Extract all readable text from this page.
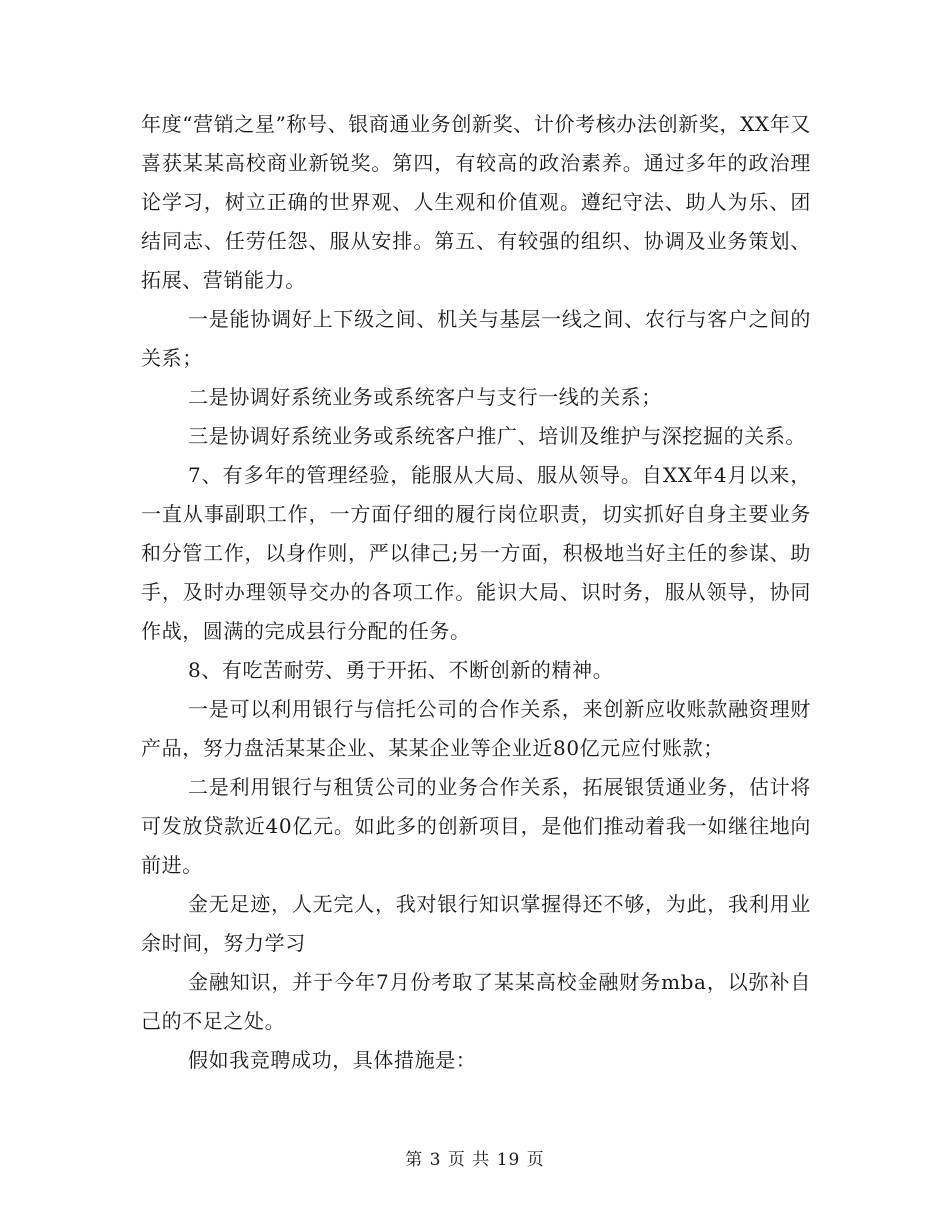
年度“营销之星”称号、银商通业务创新奖、计价考核办法创新奖，XX年又喜获某某高校商业新锐奖。第四，有较高的政治素养。通过多年的政治理论学习，树立正确的世界观、人生观和价值观。遵纪守法、助人为乐、团结同志、任劳任怨、服从安排。第五、有较强的组织、协调及业务策划、拓展、营销能力。

一是能协调好上下级之间、机关与基层一线之间、农行与客户之间的关系；

二是协调好系统业务或系统客户与支行一线的关系；

三是协调好系统业务或系统客户推广、培训及维护与深挖掘的关系。

7、有多年的管理经验，能服从大局、服从领导。自XX年4月以来，一直从事副职工作，一方面仔细的履行岗位职责，切实抓好自身主要业务和分管工作，以身作则，严以律己;另一方面，积极地当好主任的参谋、助手，及时办理领导交办的各项工作。能识大局、识时务，服从领导，协同作战，圆满的完成县行分配的任务。

8、有吃苦耐劳、勇于开拓、不断创新的精神。

一是可以利用银行与信托公司的合作关系，来创新应收账款融资理财产品，努力盘活某某企业、某某企业等企业近80亿元应付账款；

二是利用银行与租赁公司的业务合作关系，拓展银赁通业务，估计将可发放贷款近40亿元。如此多的创新项目，是他们推动着我一如继往地向前进。

金无足迹，人无完人，我对银行知识掌握得还不够，为此，我利用业余时间，努力学习

金融知识，并于今年7月份考取了某某高校金融财务mba，以弥补自己的不足之处。

假如我竞聘成功，具体措施是：

第 3 页 共 19 页
